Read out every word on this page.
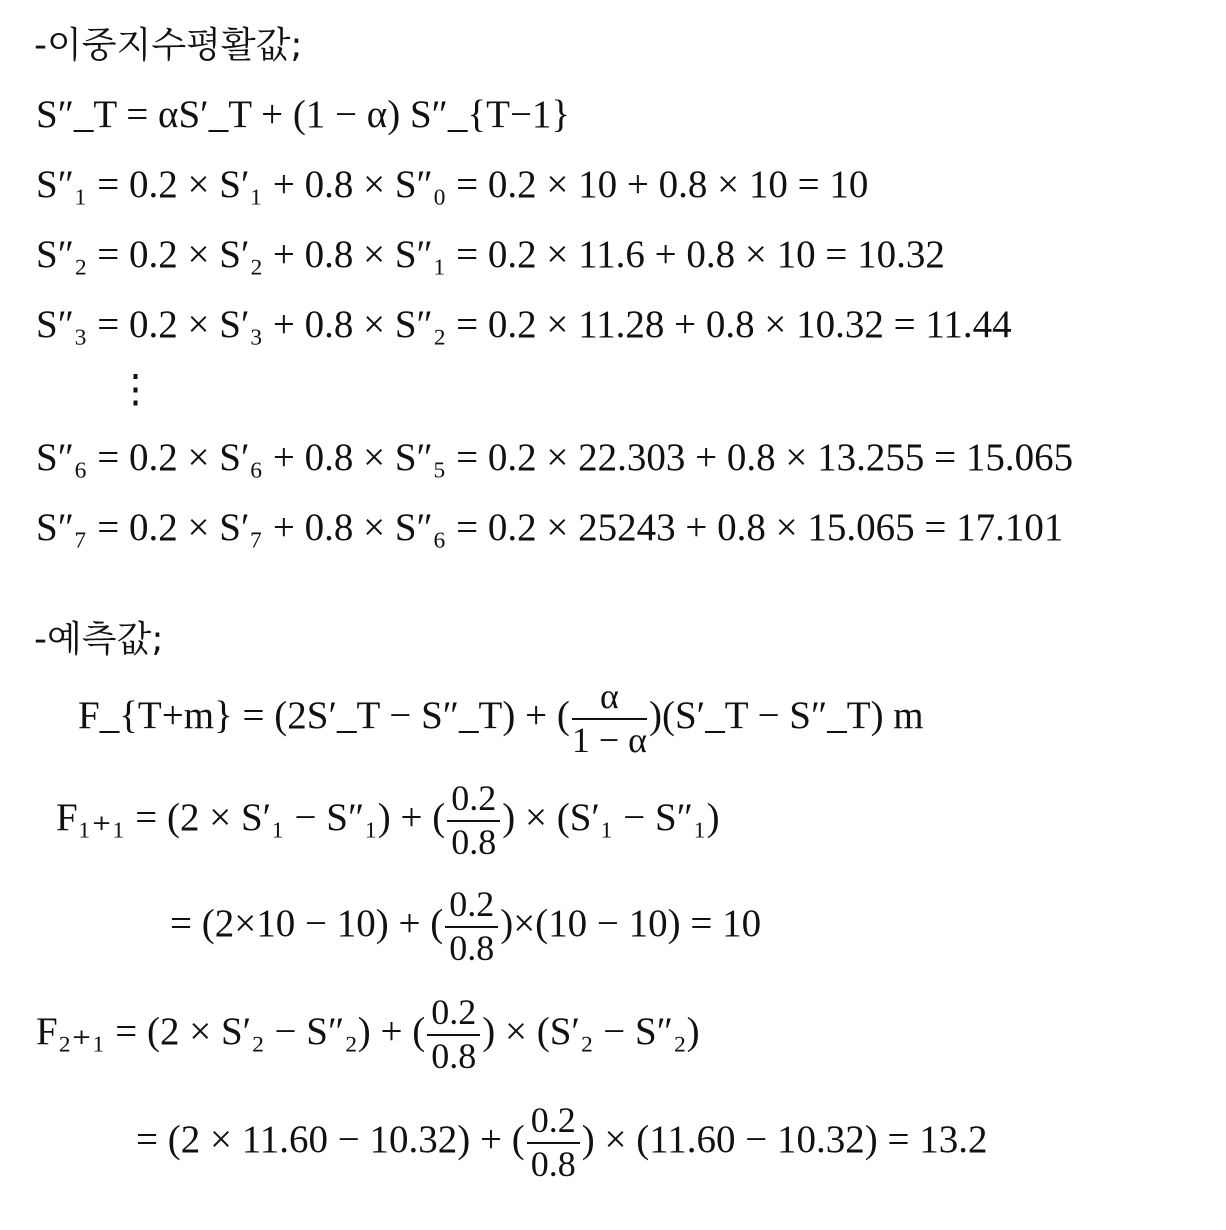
-이중지수평활값;
S″_T = αS′_T + (1 − α) S″_{T−1}
S″₁ = 0.2 × S′₁ + 0.8 × S″₀ = 0.2 × 10 + 0.8 × 10 = 10
S″₂ = 0.2 × S′₂ + 0.8 × S″₁ = 0.2 × 11.6 + 0.8 × 10 = 10.32
S″₃ = 0.2 × S′₃ + 0.8 × S″₂ = 0.2 × 11.28 + 0.8 × 10.32 = 11.44
⋮
S″₆ = 0.2 × S′₆ + 0.8 × S″₅ = 0.2 × 22.303 + 0.8 × 13.255 = 15.065
S″₇ = 0.2 × S′₇ + 0.8 × S″₆ = 0.2 × 25243 + 0.8 × 15.065 = 17.101
-예측값;
F_{T+m} = (2S′_T − S″_T) + ( $\frac{\alpha}{1 - \alpha}$ )(S′_T − S″_T) m
F₁₊₁ = (2 × S′₁ − S″₁) + ( $\frac{0.2}{0.8}$ ) × (S′₁ − S″₁)
= (2×10 − 10) + ( $\frac{0.2}{0.8} )\times(10 - 10) = 10$
F₂₊₁ = (2 × S′₂ − S″₂) + ( $\frac{0.2}{0.8}$ ) × (S′₂ − S″₂)
= (2 × 11.60 − 10.32) + ( $\frac{0.2}{0.8}$ ) × (11.60 − 10.32) = 13.2
